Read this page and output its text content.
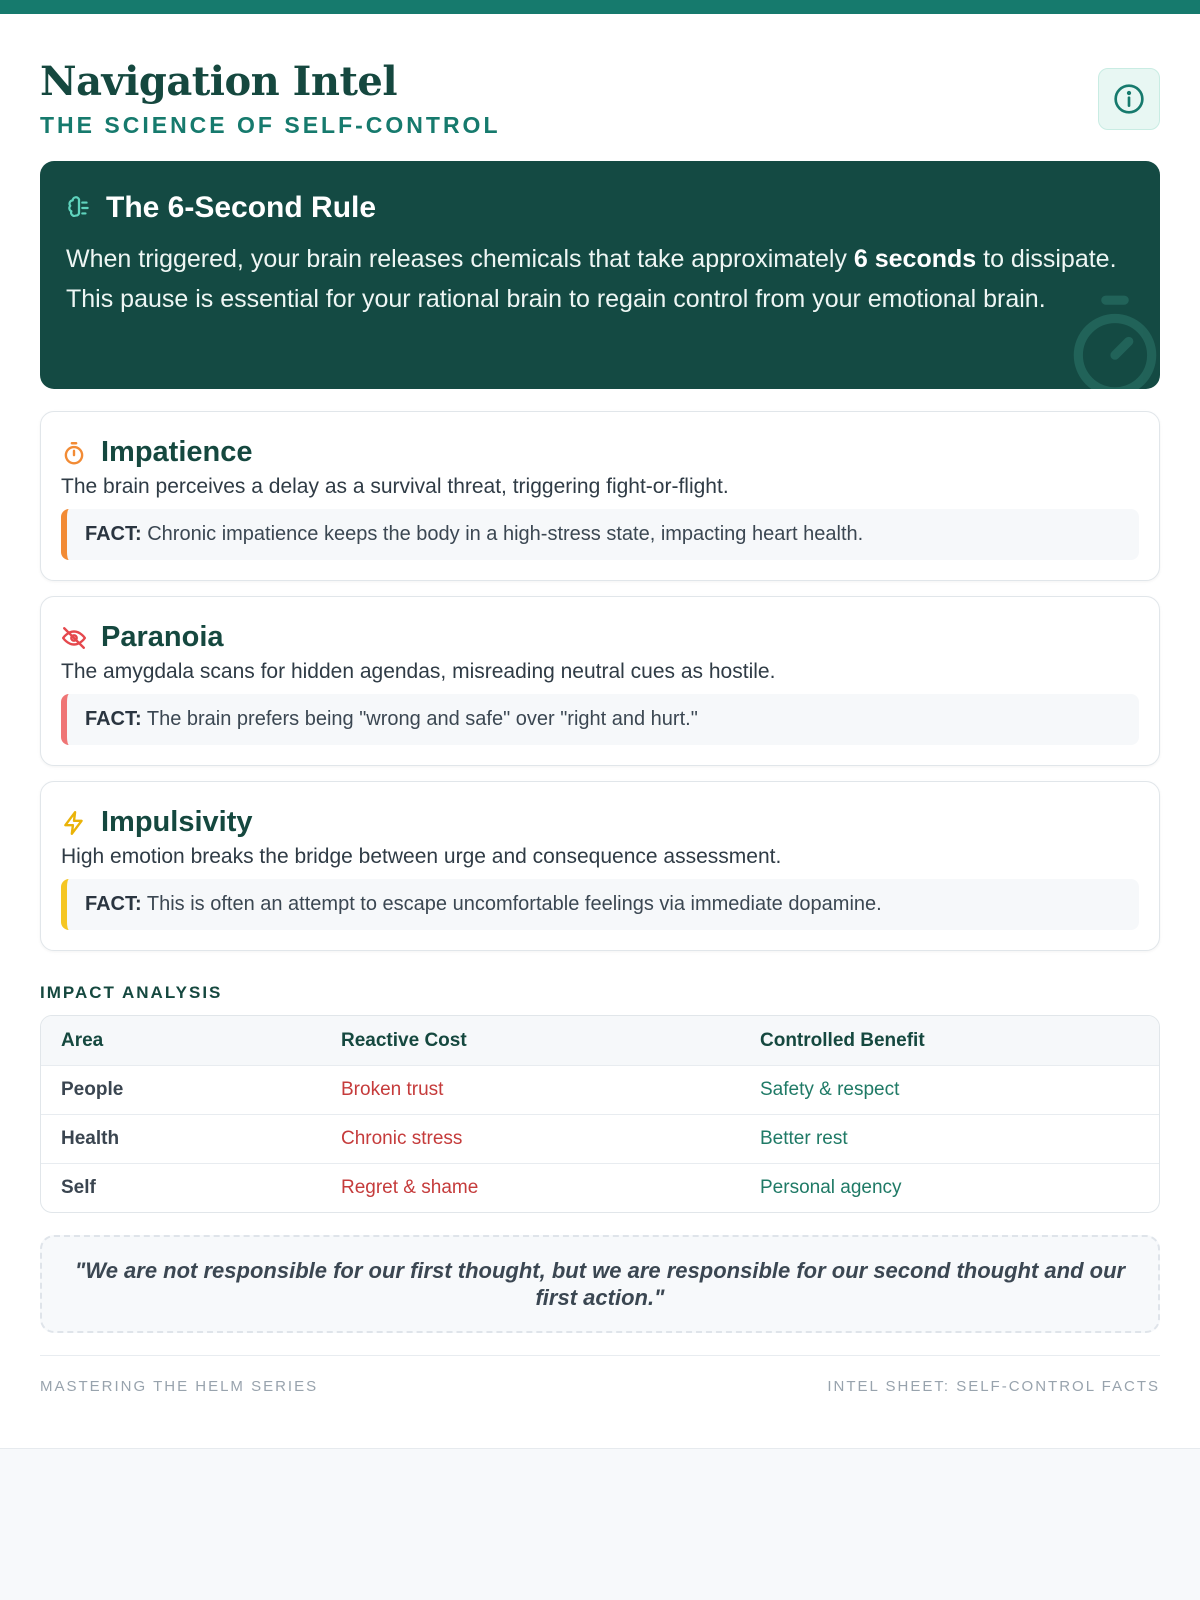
Navigation Intel
THE SCIENCE OF SELF-CONTROL
The 6-Second Rule
When triggered, your brain releases chemicals that take approximately 6 seconds to dissipate. This pause is essential for your rational brain to regain control from your emotional brain.
Impatience
The brain perceives a delay as a survival threat, triggering fight-or-flight.
FACT: Chronic impatience keeps the body in a high-stress state, impacting heart health.
Paranoia
The amygdala scans for hidden agendas, misreading neutral cues as hostile.
FACT: The brain prefers being "wrong and safe" over "right and hurt."
Impulsivity
High emotion breaks the bridge between urge and consequence assessment.
FACT: This is often an attempt to escape uncomfortable feelings via immediate dopamine.
IMPACT ANALYSIS
Area	Reactive Cost	Controlled Benefit
People	Broken trust	Safety & respect
Health	Chronic stress	Better rest
Self	Regret & shame	Personal agency
"We are not responsible for our first thought, but we are responsible for our second thought and our first action."
MASTERING THE HELM SERIES	INTEL SHEET: SELF-CONTROL FACTS
